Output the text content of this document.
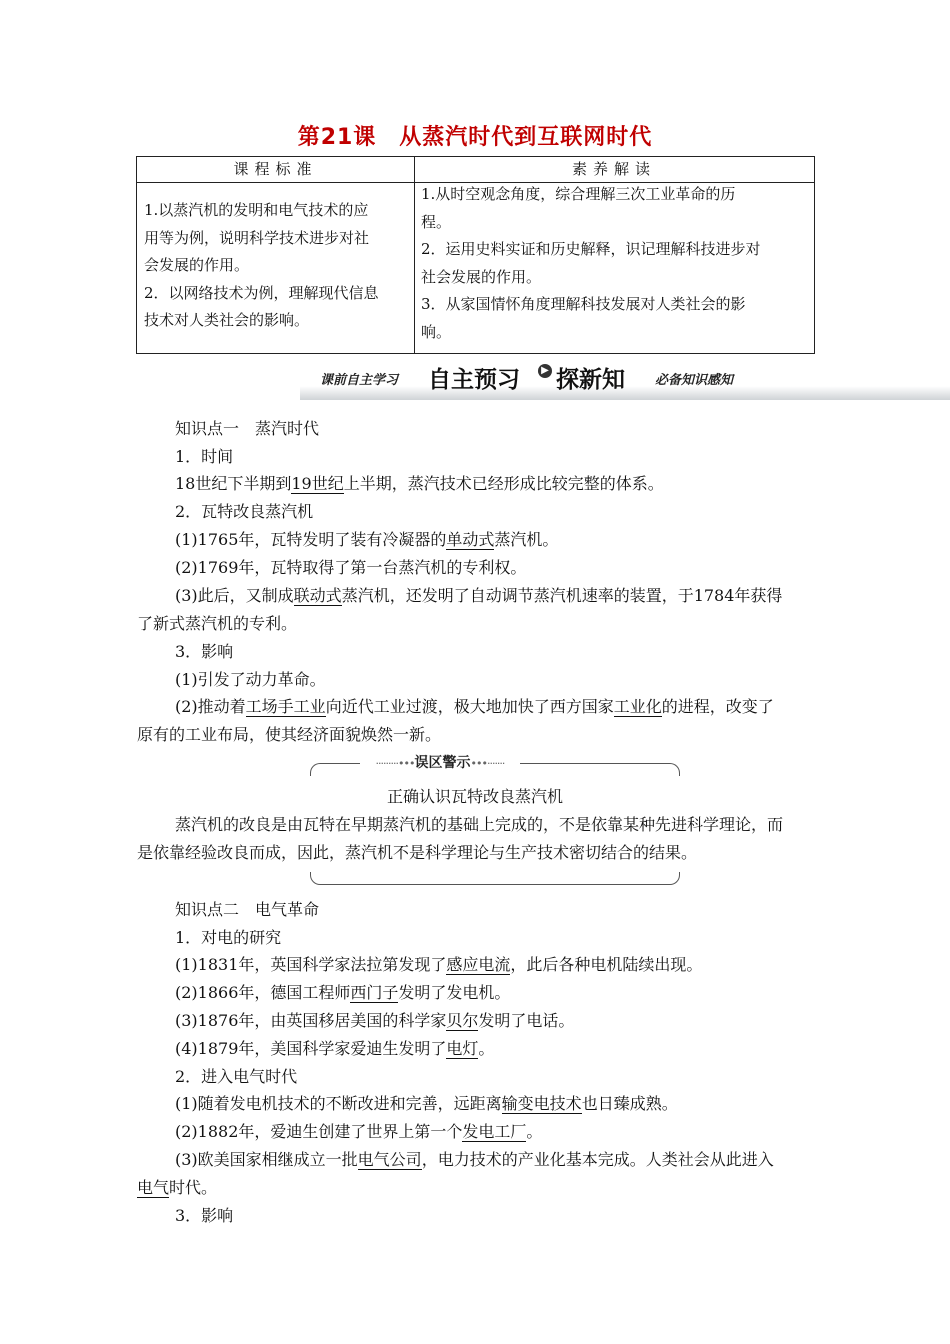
第21课　从蒸汽时代到互联网时代
课程标准	素养解读
1.以蒸汽机的发明和电气技术的应
用等为例，说明科学技术进步对社
会发展的作用。
2．以网络技术为例，理解现代信息
技术对人类社会的影响。
1.从时空观念角度，综合理解三次工业革命的历
程。
2．运用史料实证和历史解释，识记理解科技进步对
社会发展的作用。
3．从家国情怀角度理解科技发展对人类社会的影
响。
课前自主学习 自主预习	▶ 探新知 必备知识感知
知识点一　蒸汽时代
1．时间
18世纪下半期到19世纪上半期，蒸汽技术已经形成比较完整的体系。
2．瓦特改良蒸汽机
(1)1765年，瓦特发明了装有冷凝器的单动式蒸汽机。
(2)1769年，瓦特取得了第一台蒸汽机的专利权。
(3)此后，又制成联动式蒸汽机，还发明了自动调节蒸汽机速率的装置，于1784年获得
了新式蒸汽机的专利。
3．影响
(1)引发了动力革命。
(2)推动着工场手工业向近代工业过渡，极大地加快了西方国家工业化的进程，改变了
原有的工业布局，使其经济面貌焕然一新。
·········•••误区警示•••·······
正确认识瓦特改良蒸汽机
蒸汽机的改良是由瓦特在早期蒸汽机的基础上完成的，不是依靠某种先进科学理论，而
是依靠经验改良而成，因此，蒸汽机不是科学理论与生产技术密切结合的结果。
知识点二　电气革命
1．对电的研究
(1)1831年，英国科学家法拉第发现了感应电流，此后各种电机陆续出现。
(2)1866年，德国工程师西门子发明了发电机。
(3)1876年，由英国移居美国的科学家贝尔发明了电话。
(4)1879年，美国科学家爱迪生发明了电灯。
2．进入电气时代
(1)随着发电机技术的不断改进和完善，远距离输变电技术也日臻成熟。
(2)1882年，爱迪生创建了世界上第一个发电工厂。
(3)欧美国家相继成立一批电气公司，电力技术的产业化基本完成。人类社会从此进入
电气时代。
3．影响
